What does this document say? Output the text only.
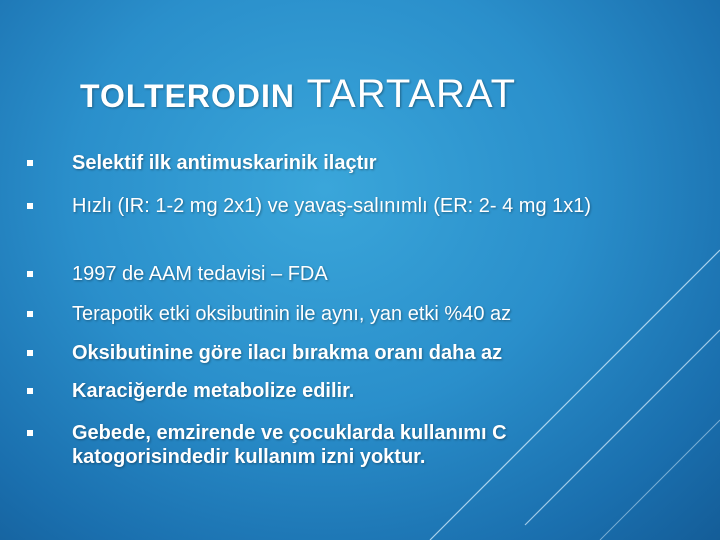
TOLTERODIN TARTARAT
Selektif ilk antimuskarinik ilaçtır
Hızlı (IR: 1-2 mg 2x1) ve yavaş-salınımlı (ER: 2- 4 mg 1x1)
1997 de AAM tedavisi – FDA
Terapotik etki oksibutinin ile aynı, yan etki %40 az
Oksibutinine göre ilacı bırakma oranı daha az
Karaciğerde metabolize edilir.
Gebede, emzirende ve çocuklarda kullanımı C katogorisindedir kullanım izni yoktur.
